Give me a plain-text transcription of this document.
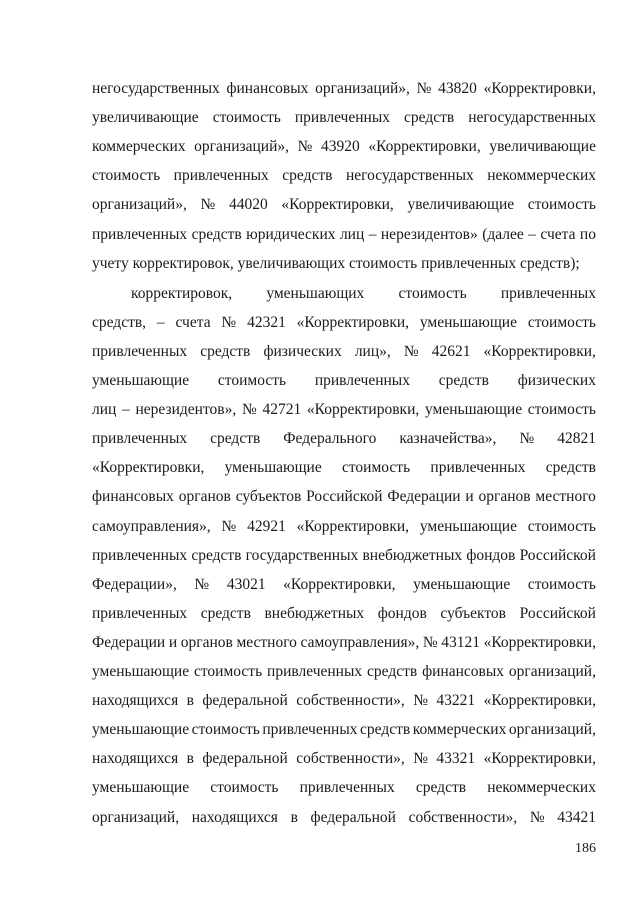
негосударственных финансовых организаций», № 43820 «Корректировки,
увеличивающие стоимость привлеченных средств негосударственных
коммерческих организаций», № 43920 «Корректировки, увеличивающие
стоимость привлеченных средств негосударственных некоммерческих
организаций», № 44020 «Корректировки, увеличивающие стоимость
привлеченных средств юридических лиц – нерезидентов» (далее – счета по
учету корректировок, увеличивающих стоимость привлеченных средств);
корректировок, уменьшающих стоимость привлеченных
средств, – счета № 42321 «Корректировки, уменьшающие стоимость
привлеченных средств физических лиц», № 42621 «Корректировки,
уменьшающие стоимость привлеченных средств физических
лиц – нерезидентов», № 42721 «Корректировки, уменьшающие стоимость
привлеченных средств Федерального казначейства», № 42821
«Корректировки, уменьшающие стоимость привлеченных средств
финансовых органов субъектов Российской Федерации и органов местного
самоуправления», № 42921 «Корректировки, уменьшающие стоимость
привлеченных средств государственных внебюджетных фондов Российской
Федерации», № 43021 «Корректировки, уменьшающие стоимость
привлеченных средств внебюджетных фондов субъектов Российской
Федерации и органов местного самоуправления», № 43121 «Корректировки,
уменьшающие стоимость привлеченных средств финансовых организаций,
находящихся в федеральной собственности», № 43221 «Корректировки,
уменьшающие стоимость привлеченных средств коммерческих организаций,
находящихся в федеральной собственности», № 43321 «Корректировки,
уменьшающие стоимость привлеченных средств некоммерческих
организаций, находящихся в федеральной собственности», № 43421
186
